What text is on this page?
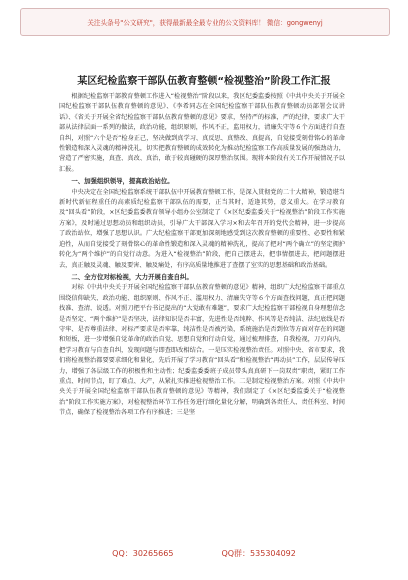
关注头条号"公文研究"，获得最新最全最专业的公文资料库！ 微信：gongwenyj
某区纪检监察干部队伍教育整顿“检视整治”阶段工作汇报

根据纪检监察干部教育整顿工作进入“检视整治”阶段以来，我区纪委监委按照《中共中央关于开展全国纪检监察干部队伍教育整顿的意见》、《李希同志在全国纪检监察干部队伍教育整顿动员部署会议讲话》、《省关于开展全省纪检监察干部队伍教育整顿的意见》要求，坚持严的标准，严的纪律，要求广大干部从法律层面一系列的做法，政治功能，组织原则，作风不正，监用权力，清廉失守等６个方面进行自查自纠，对照“六个是否”检身正己，坚决做到真学习、真反思、真整改、真提高，自觉接受刻骨铭心的革命性锻造和深入灵魂的精神洗礼，切实把教育整顿的成效转化为推动纪检监察工作高质量发展的强劲动力，营造了严密实施，真查、真改、真治，敢于较真碰硬的深厚整治氛围。现将本阶段有关工作开展情况予以汇报。

一、加强组织领导，提高政治站位。

中央决定在全国纪检监察系统干部队伍中开展教育整顿工作，是深入贯彻党的二十大精神，锻造堪当新时代新征程重任的高素质纪检监察干部队伍的需要，正当其时，适逢其势，意义重大。在学习教育及“回头看”阶段，×区纪委监委教育领导小组办公室制定了《×区纪委监委关于“检视整治”阶段工作实施方案》，及时通过思想动员和组织动员，引导广大干部深入学习×和去年召开的党代会精神，进一步提高了政治站位，增强了思想认识。广大纪检监察干部更加深刻地感受到这次教育整顿的重要性、必要性和紧迫性，从而自觉接受了刻骨铭心的革命性锻造和深入灵魂的精神洗礼，提高了把对“两个确立”的坚定拥护转化为“两个维护”的自觉行动意。为进入“检视整治”阶段，把自己摆进去，把事情摆进去，把问题摆进去，真正触及灵魂、触及要害、触及痛处，有序高质量地推进了查摆了室实的思想基础和政治基础。

二、全方位对标检视，大力开展自查自纠。

对标《中共中央关于开展全国纪检监察干部队伍教育整顿的意见》精神，组织广大纪检监察干部重点围绕信仰缺失、政治功能、组织原则、作风不正、滥用权力、清廉失守等６个方面查找问题，真正把问题找准、查清、说透。对照刀把平台书记提出的“大觉敢有难题”，要求广大纪检监察干部检视自身理想信念是否坚定、“两个维护”是否坚决，法律知识是否丰富，先进性是否纯粹、作风等是否纯洁、法纪底线是否守牢、是否尊重法律、对标严要求是否牢靠，纯洁性是否被污染，系统施治是否到位等方面对存在的问题和短板，进一步增强自觉革命的政治自觉、思想自觉和行动自觉，通过梳理排查，自我检视，刀刃向内，把学习教育与自查自纠，发现问题与即查即改相结合。一是压实检视整治责任。对照中央、省市要求，我们将检视整治都要要求细化和量化，先后开展了学习教育“回头看”和检视整治“再动员”工作，层层传导压力，增强了各层级工作的积极性和主动性；纪委监委委班子成员带头真真研下一岗双责”职责，紧盯工作重点、时间节点，盯了难点、大产，从紧扎实推进检视整治工作。二是制定检视整治方案。对照《中共中央关于开展全国纪检监察干部队伍教育整顿的意见》等精神，我们制定了《×区纪委监委关于“检视整治”阶段工作实施方案》，对检视整治环节工作任务进行细化量化分解，明确到各责任人、责任科室、时间节点，确保了检视整治各项工作有序推进；三是坚

QQ：30265665	QQ群：535304092
